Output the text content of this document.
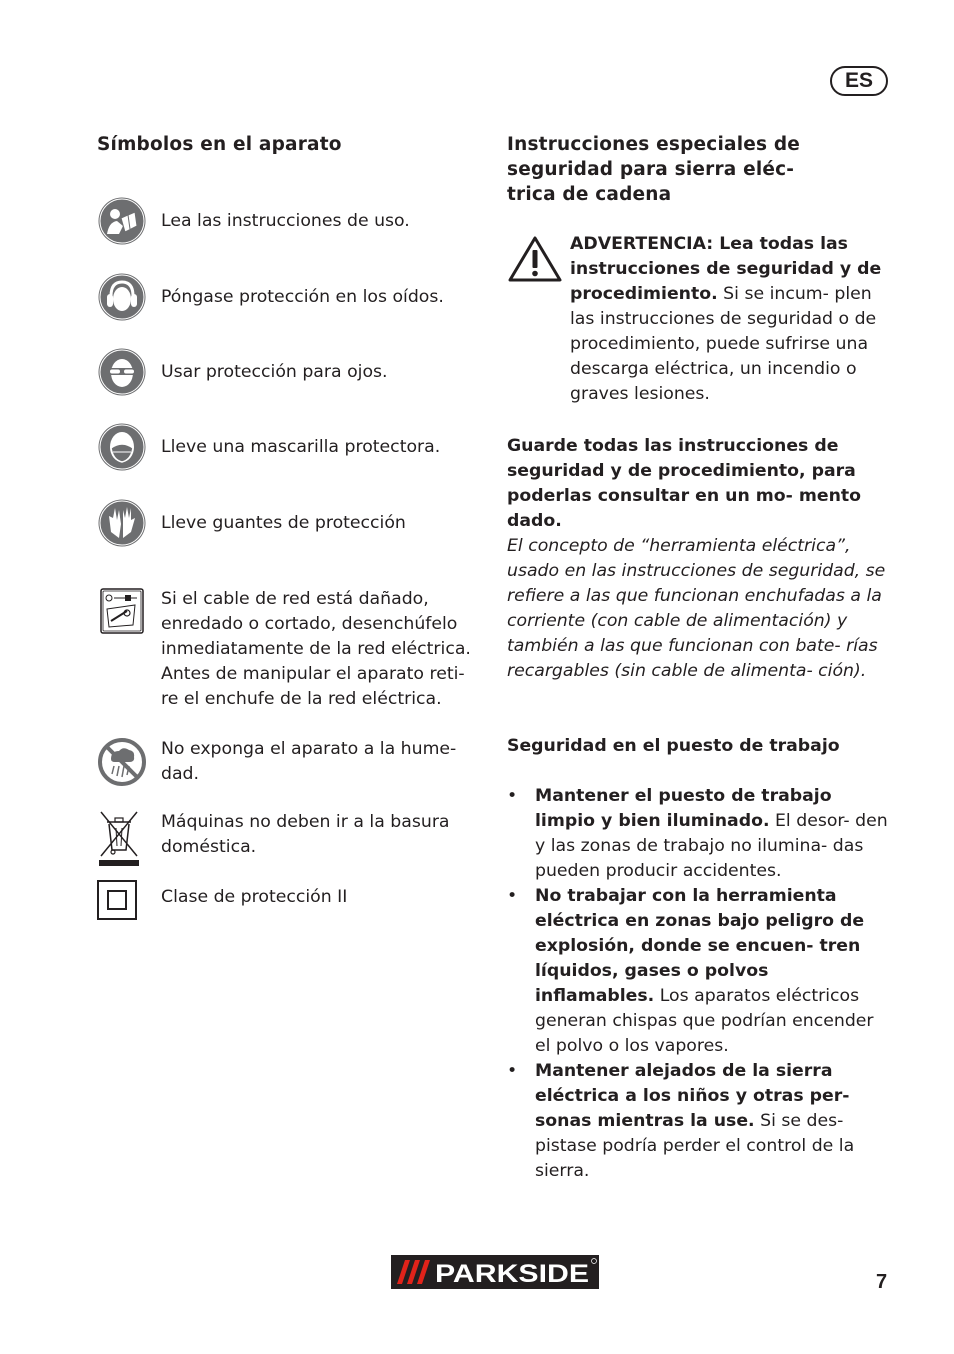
ES
Símbolos en el aparato
Lea las instrucciones de uso.
Póngase protección en los oídos.
Usar protección para ojos.
Lleve una mascarilla protectora.
Lleve guantes de protección
Si el cable de red está dañado,
enredado o cortado, desenchúfelo
inmediatamente de la red eléctrica.
Antes de manipular el aparato reti-
re el enchufe de la red eléctrica.
No exponga el aparato a la hume-
dad.
Máquinas no deben ir a la basura
doméstica.
Clase de protección II
Instrucciones especiales de
seguridad para sierra eléc-
trica de cadena

ADVERTENCIA: Lea todas las instrucciones de seguridad y de procedimiento. Si se incum- plen las instrucciones de seguridad o de procedimiento, puede sufrirse una descarga eléctrica, un incendio o graves lesiones.

Guarde todas las instrucciones de seguridad y de procedimiento, para poderlas consultar en un mo- mento dado.

El concepto de “herramienta eléctrica”, usado en las instrucciones de seguridad, se refiere a las que funcionan enchufadas a la corriente (con cable de alimentación) y también a las que funcionan con bate- rías recargables (sin cable de alimenta- ción).

Seguridad en el puesto de trabajo
• Mantener el puesto de trabajo limpio y bien iluminado. El desor- den y las zonas de trabajo no ilumina- das pueden producir accidentes.
• No trabajar con la herramienta eléctrica en zonas bajo peligro de explosión, donde se encuen- tren líquidos, gases o polvos inflamables. Los aparatos eléctricos generan chispas que podrían encender el polvo o los vapores.
• Mantener alejados de la sierra eléctrica a los niños y otras per- sonas mientras la use. Si se des- pistase podría perder el control de la sierra.
PARKSIDE	7
